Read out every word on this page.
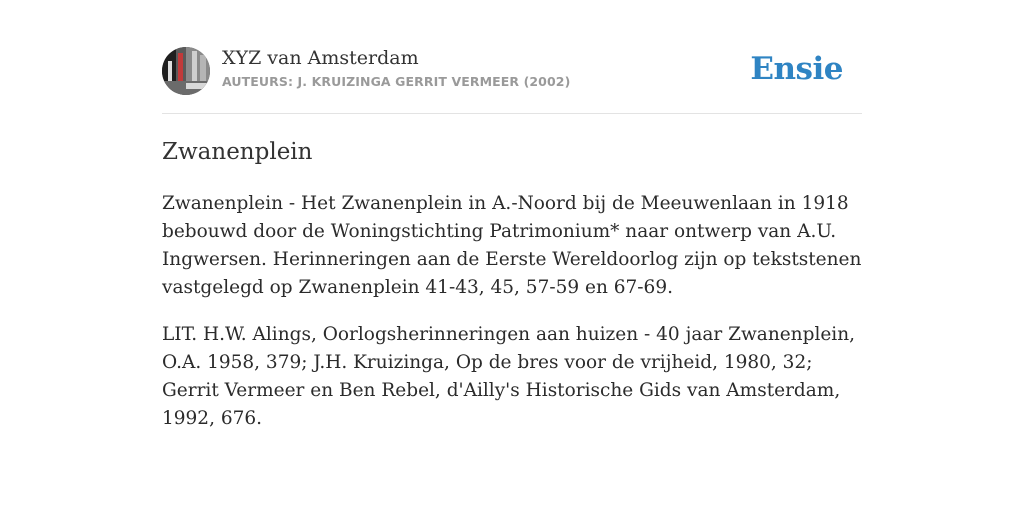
XYZ van Amsterdam
AUTEURS: J. KRUIZINGA GERRIT VERMEER (2002)	Ensie
Zwanenplein

Zwanenplein - Het Zwanenplein in A.-Noord bij de Meeuwenlaan in 1918 bebouwd door de Woningstichting Patrimonium* naar ontwerp van A.U. Ingwersen. Herinneringen aan de Eerste Wereldoorlog zijn op tekststenen vastgelegd op Zwanenplein 41-43, 45, 57-59 en 67-69.

LIT. H.W. Alings, Oorlogsherinneringen aan huizen - 40 jaar Zwanenplein, O.A. 1958, 379; J.H. Kruizinga, Op de bres voor de vrijheid, 1980, 32; Gerrit Vermeer en Ben Rebel, d'Ailly's Historische Gids van Amsterdam, 1992, 676.
